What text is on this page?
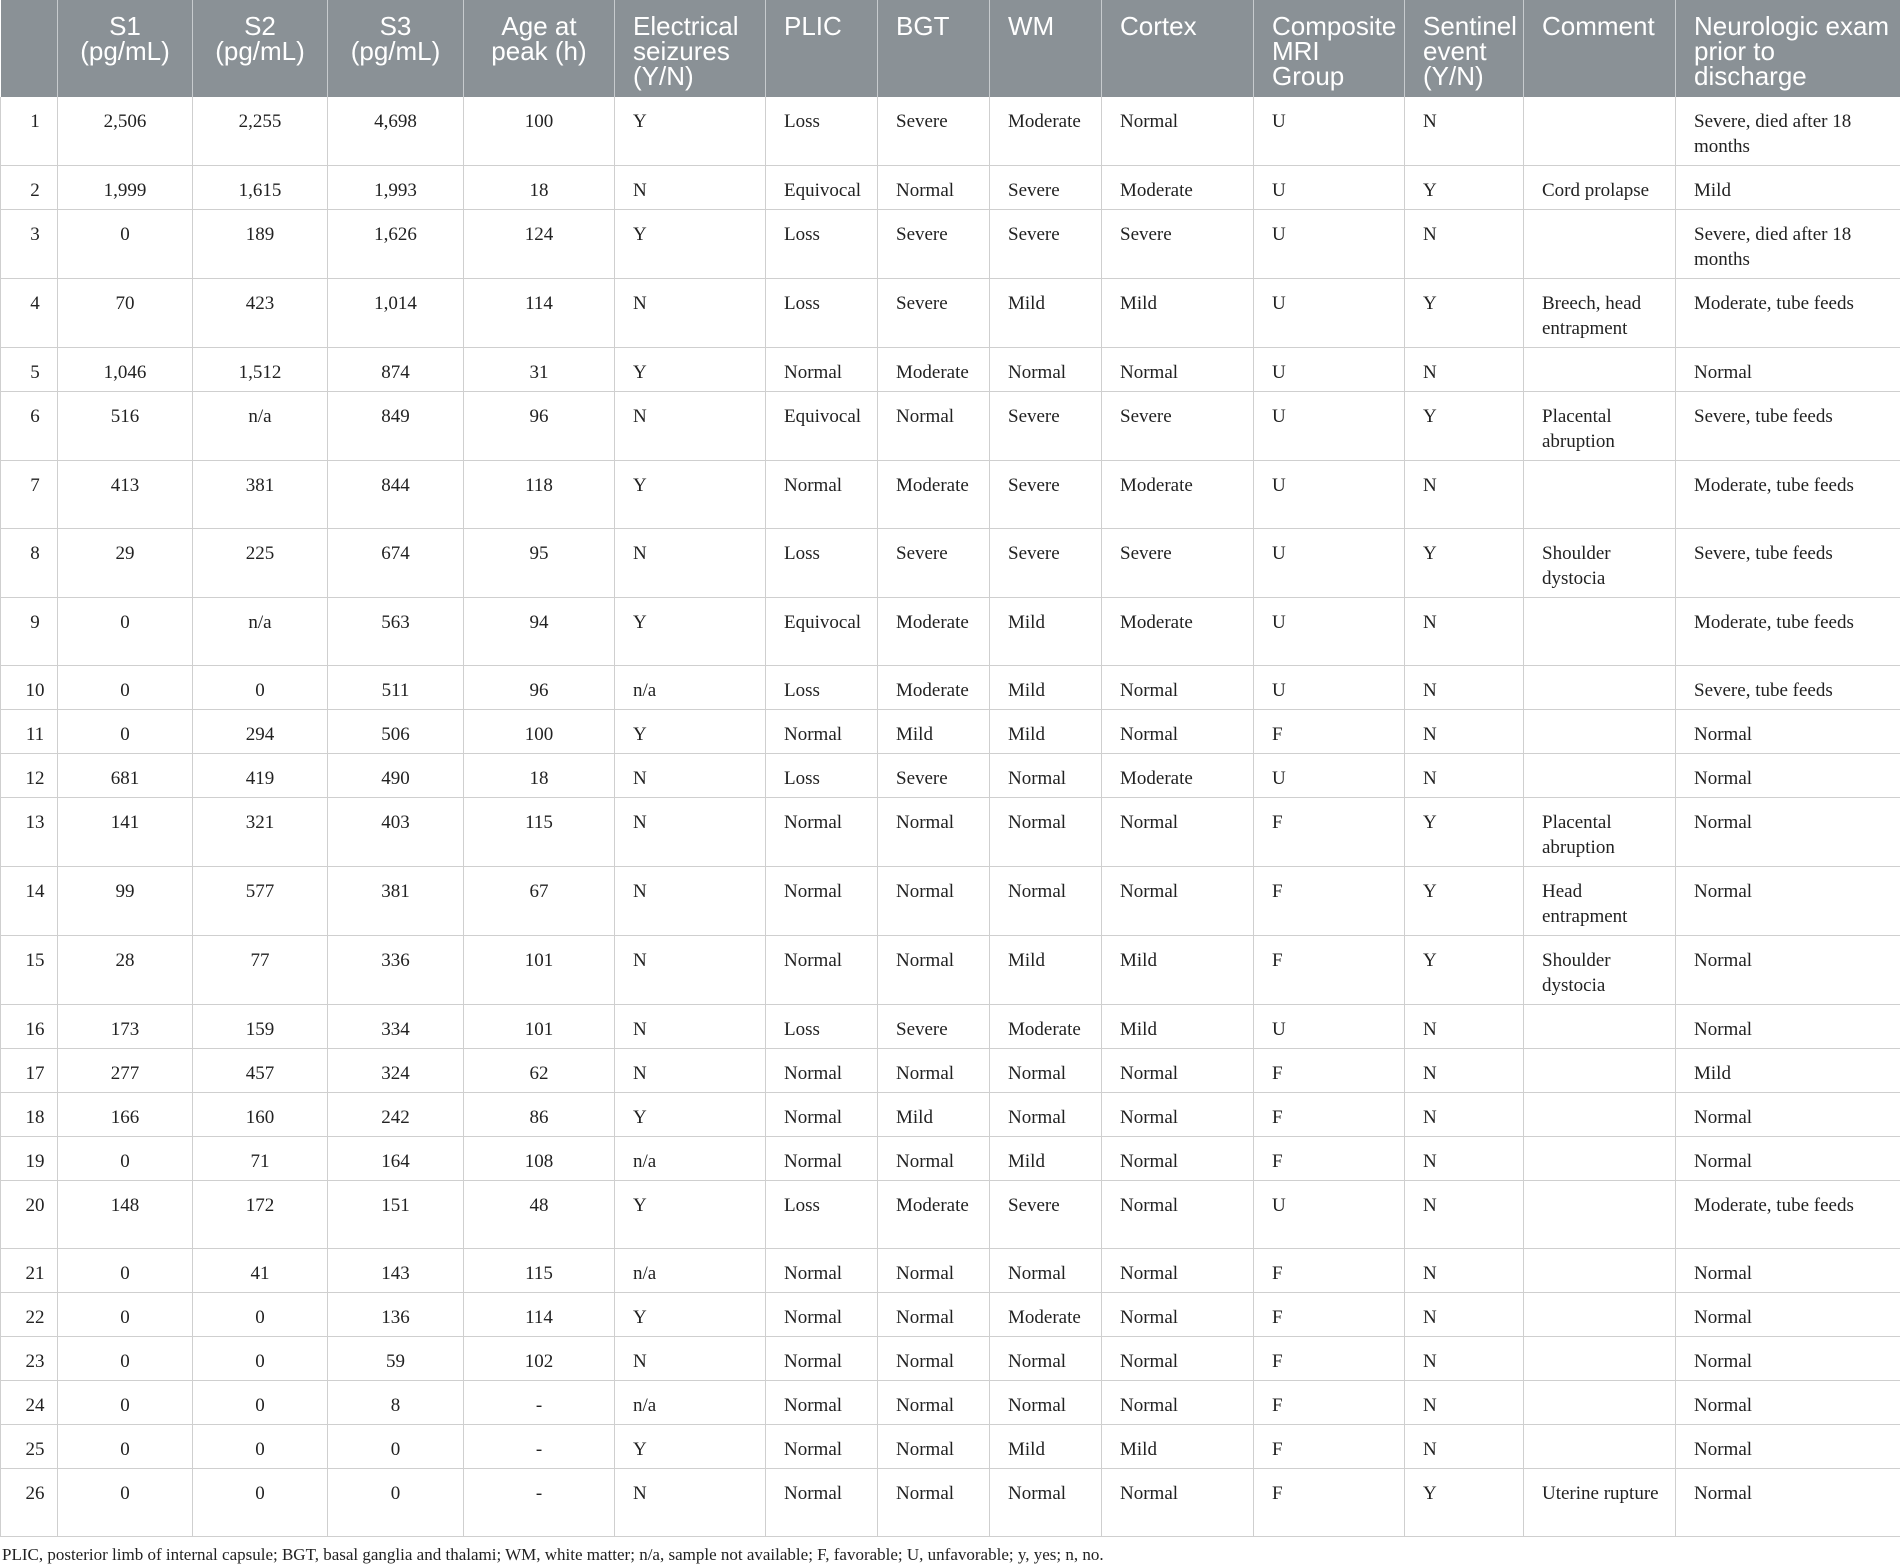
	S1 (pg/mL)	S2 (pg/mL)	S3 (pg/mL)	Age at peak (h)	Electrical seizures (Y/N)	PLIC	BGT	WM	Cortex	Composite MRI Group	Sentinel event (Y/N)	Comment	Neurologic exam prior to discharge
1	2,506	2,255	4,698	100	Y	Loss	Severe	Moderate	Normal	U	N		Severe, died after 18 months
2	1,999	1,615	1,993	18	N	Equivocal	Normal	Severe	Moderate	U	Y	Cord prolapse	Mild
3	0	189	1,626	124	Y	Loss	Severe	Severe	Severe	U	N		Severe, died after 18 months
4	70	423	1,014	114	N	Loss	Severe	Mild	Mild	U	Y	Breech, head entrapment	Moderate, tube feeds
5	1,046	1,512	874	31	Y	Normal	Moderate	Normal	Normal	U	N		Normal
6	516	n/a	849	96	N	Equivocal	Normal	Severe	Severe	U	Y	Placental abruption	Severe, tube feeds
7	413	381	844	118	Y	Normal	Moderate	Severe	Moderate	U	N		Moderate, tube feeds
8	29	225	674	95	N	Loss	Severe	Severe	Severe	U	Y	Shoulder dystocia	Severe, tube feeds
9	0	n/a	563	94	Y	Equivocal	Moderate	Mild	Moderate	U	N		Moderate, tube feeds
10	0	0	511	96	n/a	Loss	Moderate	Mild	Normal	U	N		Severe, tube feeds
11	0	294	506	100	Y	Normal	Mild	Mild	Normal	F	N		Normal
12	681	419	490	18	N	Loss	Severe	Normal	Moderate	U	N		Normal
13	141	321	403	115	N	Normal	Normal	Normal	Normal	F	Y	Placental abruption	Normal
14	99	577	381	67	N	Normal	Normal	Normal	Normal	F	Y	Head entrapment	Normal
15	28	77	336	101	N	Normal	Normal	Mild	Mild	F	Y	Shoulder dystocia	Normal
16	173	159	334	101	N	Loss	Severe	Moderate	Mild	U	N		Normal
17	277	457	324	62	N	Normal	Normal	Normal	Normal	F	N		Mild
18	166	160	242	86	Y	Normal	Mild	Normal	Normal	F	N		Normal
19	0	71	164	108	n/a	Normal	Normal	Mild	Normal	F	N		Normal
20	148	172	151	48	Y	Loss	Moderate	Severe	Normal	U	N		Moderate, tube feeds
21	0	41	143	115	n/a	Normal	Normal	Normal	Normal	F	N		Normal
22	0	0	136	114	Y	Normal	Normal	Moderate	Normal	F	N		Normal
23	0	0	59	102	N	Normal	Normal	Normal	Normal	F	N		Normal
24	0	0	8	-	n/a	Normal	Normal	Normal	Normal	F	N		Normal
25	0	0	0	-	Y	Normal	Normal	Mild	Mild	F	N		Normal
26	0	0	0	-	N	Normal	Normal	Normal	Normal	F	Y	Uterine rupture	Normal
PLIC, posterior limb of internal capsule; BGT, basal ganglia and thalami; WM, white matter; n/a, sample not available; F, favorable; U, unfavorable; y, yes; n, no.
